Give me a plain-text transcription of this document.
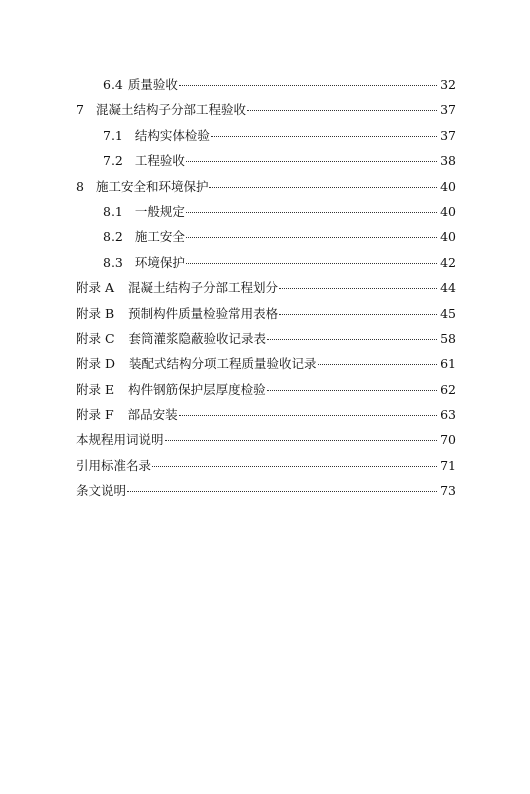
6.4 质量验收	32
7 混凝土结构子分部工程验收	37
7.1 结构实体检验	37
7.2 工程验收	38
8 施工安全和环境保护	40
8.1 一般规定	40
8.2 施工安全	40
8.3 环境保护	42
附录 A 混凝土结构子分部工程划分	44
附录 B 预制构件质量检验常用表格	45
附录 C 套筒灌浆隐蔽验收记录表	58
附录 D 装配式结构分项工程质量验收记录	61
附录 E 构件钢筋保护层厚度检验	62
附录 F 部品安装	63
本规程用词说明	70
引用标准名录	71
条文说明	73
